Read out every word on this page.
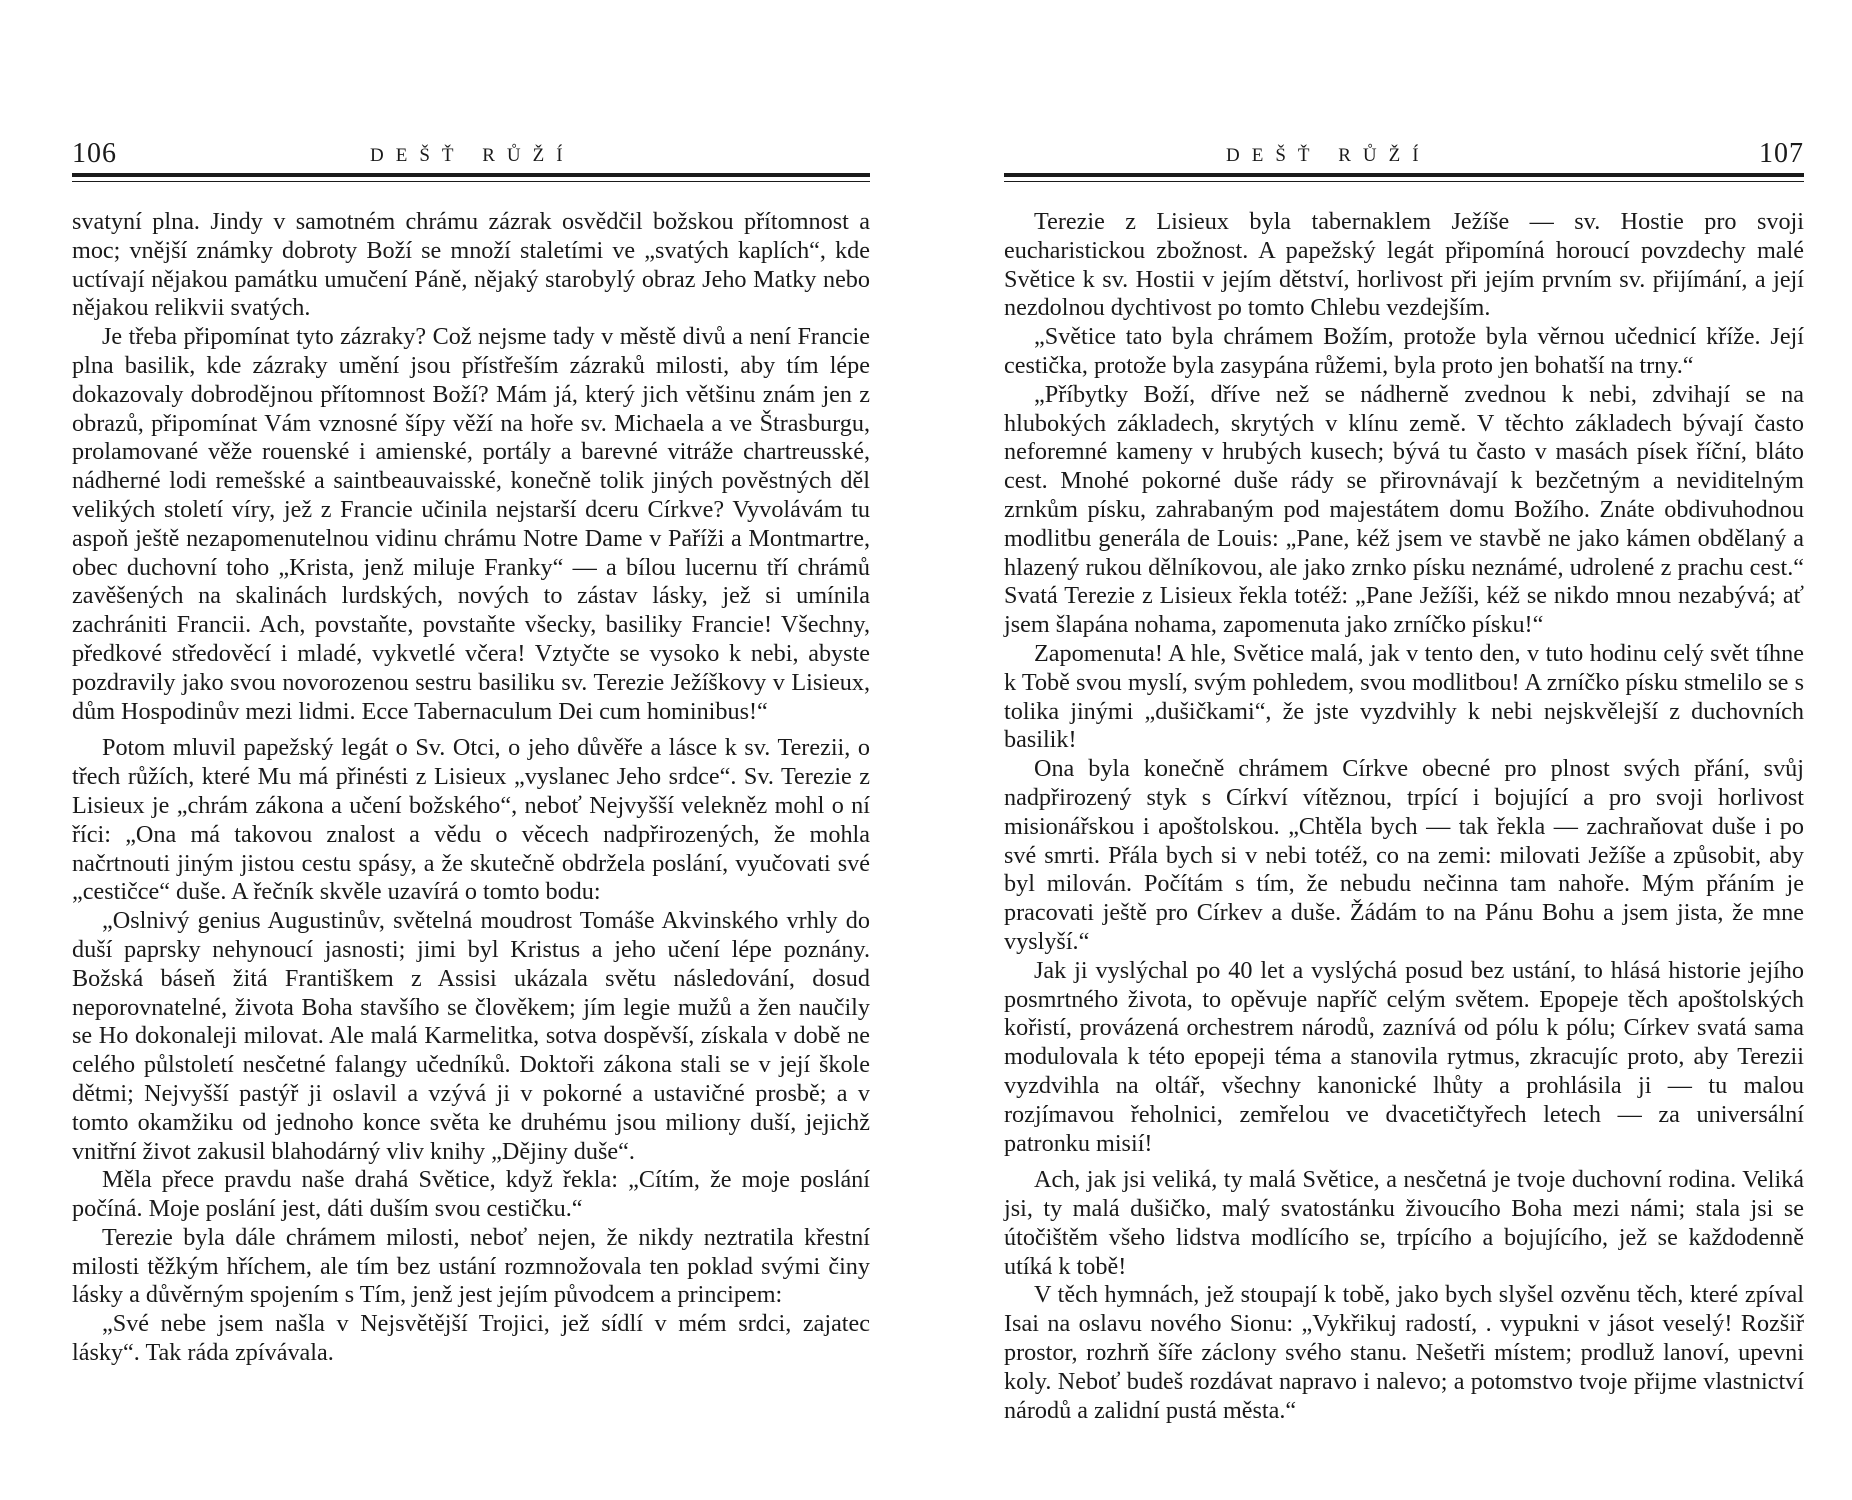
106	DEŠŤ RŮŽÍ

svatyní plna. Jindy v samotném chrámu zázrak osvědčil božskou přítomnost a moc; vnější známky dobroty Boží se množí staletími ve „svatých kaplích“, kde uctívají nějakou památku umučení Páně, nějaký starobylý obraz Jeho Matky nebo nějakou relikvii svatých.

Je třeba připomínat tyto zázraky? Což nejsme tady v městě divů a není Francie plna basilik, kde zázraky umění jsou přístřeším zázraků milosti, aby tím lépe dokazovaly dobrodějnou přítomnost Boží? Mám já, který jich většinu znám jen z obrazů, připomínat Vám vznosné šípy věží na hoře sv. Michaela a ve Štrasburgu, prolamované věže rouenské i amienské, portály a barevné vitráže chartreusské, nádherné lodi remešské a saintbeauvaisské, konečně tolik jiných pověstných děl velikých století víry, jež z Francie učinila nejstarší dceru Církve? Vyvolávám tu aspoň ještě nezapomenutelnou vidinu chrámu Notre Dame v Paříži a Montmartre, obec duchovní toho „Krista, jenž miluje Franky“ — a bílou lucernu tří chrámů zavěšených na skalinách lurdských, nových to zástav lásky, jež si umínila zachrániti Francii. Ach, povstaňte, povstaňte všecky, basiliky Francie! Všechny, předkové středověcí i mladé, vykvetlé včera! Vztyčte se vysoko k nebi, abyste pozdravily jako svou novorozenou sestru basiliku sv. Terezie Ježíškovy v Lisieux, dům Hospodinův mezi lidmi. Ecce Tabernaculum Dei cum hominibus!“

Potom mluvil papežský legát o Sv. Otci, o jeho důvěře a lásce k sv. Terezii, o třech růžích, které Mu má přinésti z Lisieux „vyslanec Jeho srdce“. Sv. Terezie z Lisieux je „chrám zákona a učení božského“, neboť Nejvyšší velekněz mohl o ní říci: „Ona má takovou znalost a vědu o věcech nadpřirozených, že mohla načrtnouti jiným jistou cestu spásy, a že skutečně obdržela poslání, vyučovati své „cestičce“ duše. A řečník skvěle uzavírá o tomto bodu:

„Oslnivý genius Augustinův, světelná moudrost Tomáše Akvinského vrhly do duší paprsky nehynoucí jasnosti; jimi byl Kristus a jeho učení lépe poznány. Božská báseň žitá Františkem z Assisi ukázala světu následování, dosud neporovnatelné, života Boha stavšího se člověkem; jím legie mužů a žen naučily se Ho dokonaleji milovat. Ale malá Karmelitka, sotva dospěvší, získala v době ne celého půlstoletí nesčetné falangy učedníků. Doktoři zákona stali se v její škole dětmi; Nejvyšší pastýř ji oslavil a vzývá ji v pokorné a ustavičné prosbě; a v tomto okamžiku od jednoho konce světa ke druhému jsou miliony duší, jejichž vnitřní život zakusil blahodárný vliv knihy „Dějiny duše“.

Měla přece pravdu naše drahá Světice, když řekla: „Cítím, že moje poslání počíná. Moje poslání jest, dáti duším svou cestičku.“

Terezie byla dále chrámem milosti, neboť nejen, že nikdy neztratila křestní milosti těžkým hříchem, ale tím bez ustání rozmnožovala ten poklad svými činy lásky a důvěrným spojením s Tím, jenž jest jejím původcem a principem:

„Své nebe jsem našla v Nejsvětější Trojici, jež sídlí v mém srdci, zajatec lásky“. Tak ráda zpívávala.

DEŠŤ RŮŽÍ	107

Terezie z Lisieux byla tabernaklem Ježíše — sv. Hostie pro svoji eucharistickou zbožnost. A papežský legát připomíná horoucí povzdechy malé Světice k sv. Hostii v jejím dětství, horlivost při jejím prvním sv. přijímání, a její nezdolnou dychtivost po tomto Chlebu vezdejším.

„Světice tato byla chrámem Božím, protože byla věrnou učednicí kříže. Její cestička, protože byla zasypána růžemi, byla proto jen bohatší na trny.“

„Příbytky Boží, dříve než se nádherně zvednou k nebi, zdvihají se na hlubokých základech, skrytých v klínu země. V těchto základech bývají často neforemné kameny v hrubých kusech; bývá tu často v masách písek říční, bláto cest. Mnohé pokorné duše rády se přirovnávají k bezčetným a neviditelným zrnkům písku, zahrabaným pod majestátem domu Božího. Znáte obdivuhodnou modlitbu generála de Louis: „Pane, kéž jsem ve stavbě ne jako kámen obdělaný a hlazený rukou dělníkovou, ale jako zrnko písku neznámé, udrolené z prachu cest.“ Svatá Terezie z Lisieux řekla totéž: „Pane Ježíši, kéž se nikdo mnou nezabývá; ať jsem šlapána nohama, zapomenuta jako zrníčko písku!“

Zapomenuta! A hle, Světice malá, jak v tento den, v tuto hodinu celý svět tíhne k Tobě svou myslí, svým pohledem, svou modlitbou! A zrníčko písku stmelilo se s tolika jinými „dušičkami“, že jste vyzdvihly k nebi nejskvělejší z duchovních basilik!

Ona byla konečně chrámem Církve obecné pro plnost svých přání, svůj nadpřirozený styk s Církví vítěznou, trpící i bojující a pro svoji horlivost misionářskou i apoštolskou. „Chtěla bych — tak řekla — zachraňovat duše i po své smrti. Přála bych si v nebi totéž, co na zemi: milovati Ježíše a způsobit, aby byl milován. Počítám s tím, že nebudu nečinna tam nahoře. Mým přáním je pracovati ještě pro Církev a duše. Žádám to na Pánu Bohu a jsem jista, že mne vyslyší.“

Jak ji vyslýchal po 40 let a vyslýchá posud bez ustání, to hlásá historie jejího posmrtného života, to opěvuje napříč celým světem. Epopeje těch apoštolských kořistí, provázená orchestrem národů, zaznívá od pólu k pólu; Církev svatá sama modulovala k této epopeji téma a stanovila rytmus, zkracujíc proto, aby Terezii vyzdvihla na oltář, všechny kanonické lhůty a prohlásila ji — tu malou rozjímavou řeholnici, zemřelou ve dvacetičtyřech letech — za universální patronku misií!

Ach, jak jsi veliká, ty malá Světice, a nesčetná je tvoje duchovní rodina. Veliká jsi, ty malá dušičko, malý svatostánku živoucího Boha mezi námi; stala jsi se útočištěm všeho lidstva modlícího se, trpícího a bojujícího, jež se každodenně utíká k tobě!

V těch hymnách, jež stoupají k tobě, jako bych slyšel ozvěnu těch, které zpíval Isai na oslavu nového Sionu: „Vykřikuj radostí, . vypukni v jásot veselý! Rozšiř prostor, rozhrň šíře záclony svého stanu. Nešetři místem; prodluž lanoví, upevni koly. Neboť budeš rozdávat napravo i nalevo; a potomstvo tvoje přijme vlastnictví národů a zalidní pustá města.“
